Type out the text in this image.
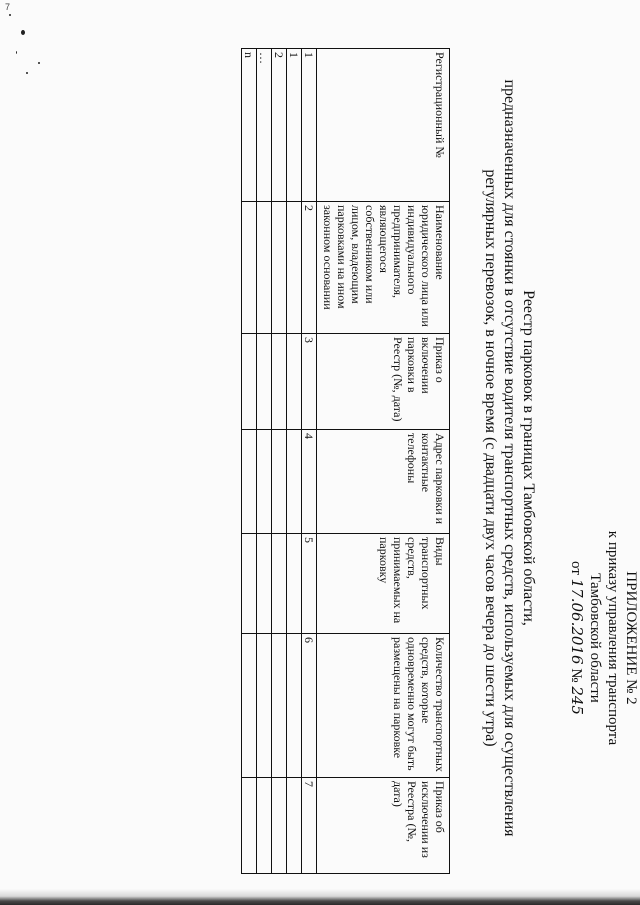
7
ПРИЛОЖЕНИЕ № 2
к приказу управления транспорта
Тамбовской области
от 17.06.2016 № 245
Реестр парковок в границах Тамбовской области,
предназначенных для стоянки в отсутствие водителя транспортных средств, используемых для осуществления
регулярных перевозок, в ночное время (с двадцати двух часов вечера до шести утра)
Регистрационный №	Наименование юридического лица или индивидуального предпринимателя, являющегося собственником или лицом, владеющим парковками на ином законном основании	Приказ о включении парковки в Реестр (№, дата)	Адрес парковки и контактные телефоны	Виды транспортных средств, принимаемых на парковку	Количество транспортных средств, которые одновременно могут быть размещены на парковке	Приказ об исключении из Реестра (№, дата)
1	2	3	4	5	6	7
1						
2						
…						
n						
